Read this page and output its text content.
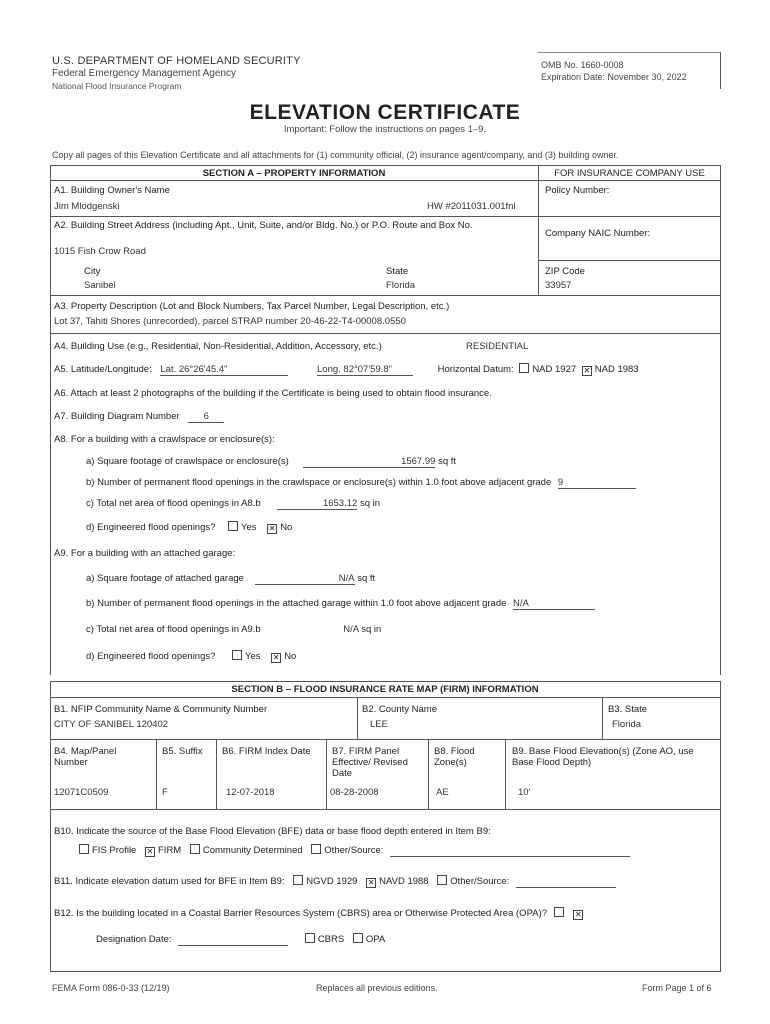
U.S. DEPARTMENT OF HOMELAND SECURITY
Federal Emergency Management Agency
National Flood Insurance Program
OMB No. 1660-0008
Expiration Date: November 30, 2022
ELEVATION CERTIFICATE
Important: Follow the instructions on pages 1–9.
Copy all pages of this Elevation Certificate and all attachments for (1) community official, (2) insurance agent/company, and (3) building owner.
SECTION A – PROPERTY INFORMATION	FOR INSURANCE COMPANY USE
A1. Building Owner's Name
Jim Mlodgenski	HW #2011031.001fnl
Policy Number:
A2. Building Street Address (including Apt., Unit, Suite, and/or Bldg. No.) or P.O. Route and Box No.
1015 Fish Crow Road
Company NAIC Number:
City
Sanibel
State
Florida
ZIP Code
33957
A3. Property Description (Lot and Block Numbers, Tax Parcel Number, Legal Description, etc.)
Lot 37, Tahiti Shores (unrecorded), parcel STRAP number 20-46-22-T4-00008.0550
A4. Building Use (e.g., Residential, Non-Residential, Addition, Accessory, etc.)	RESIDENTIAL
A5. Latitude/Longitude: Lat. 26°26'45.4"	Long. 82°07'59.8"	Horizontal Datum: NAD 1927 ✕ NAD 1983
A6. Attach at least 2 photographs of the building if the Certificate is being used to obtain flood insurance.
A7. Building Diagram Number	6
A8. For a building with a crawlspace or enclosure(s):
a) Square footage of crawlspace or enclosure(s)	1567.99 sq ft
b) Number of permanent flood openings in the crawlspace or enclosure(s) within 1.0 foot above adjacent grade 9
c) Total net area of flood openings in A8.b	1653.12 sq in
d) Engineered flood openings?	Yes ✕ No
A9. For a building with an attached garage:
a) Square footage of attached garage	N/A sq ft
b) Number of permanent flood openings in the attached garage within 1.0 foot above adjacent grade N/A
c) Total net area of flood openings in A9.b	N/A sq in
d) Engineered flood openings?	Yes ✕ No
SECTION B – FLOOD INSURANCE RATE MAP (FIRM) INFORMATION
B1. NFIP Community Name & Community Number
CITY OF SANIBEL 120402
B2. County Name
LEE
B3. State
Florida
B4. Map/Panel Number
12071C0509
B5. Suffix
F
B6. FIRM Index Date
12-07-2018
B7. FIRM Panel Effective/ Revised Date
08-28-2008
B8. Flood Zone(s)
AE
B9. Base Flood Elevation(s) (Zone AO, use Base Flood Depth)
10'
B10. Indicate the source of the Base Flood Elevation (BFE) data or base flood depth entered in Item B9:
FIS Profile ✕ FIRM Community Determined Other/Source:
B11. Indicate elevation datum used for BFE in Item B9: NGVD 1929 ✕ NAVD 1988 Other/Source:
B12. Is the building located in a Coastal Barrier Resources System (CBRS) area or Otherwise Protected Area (OPA)?	✕
Designation Date:	CBRS OPA
FEMA Form 086-0-33 (12/19)	Replaces all previous editions.	Form Page 1 of 6
